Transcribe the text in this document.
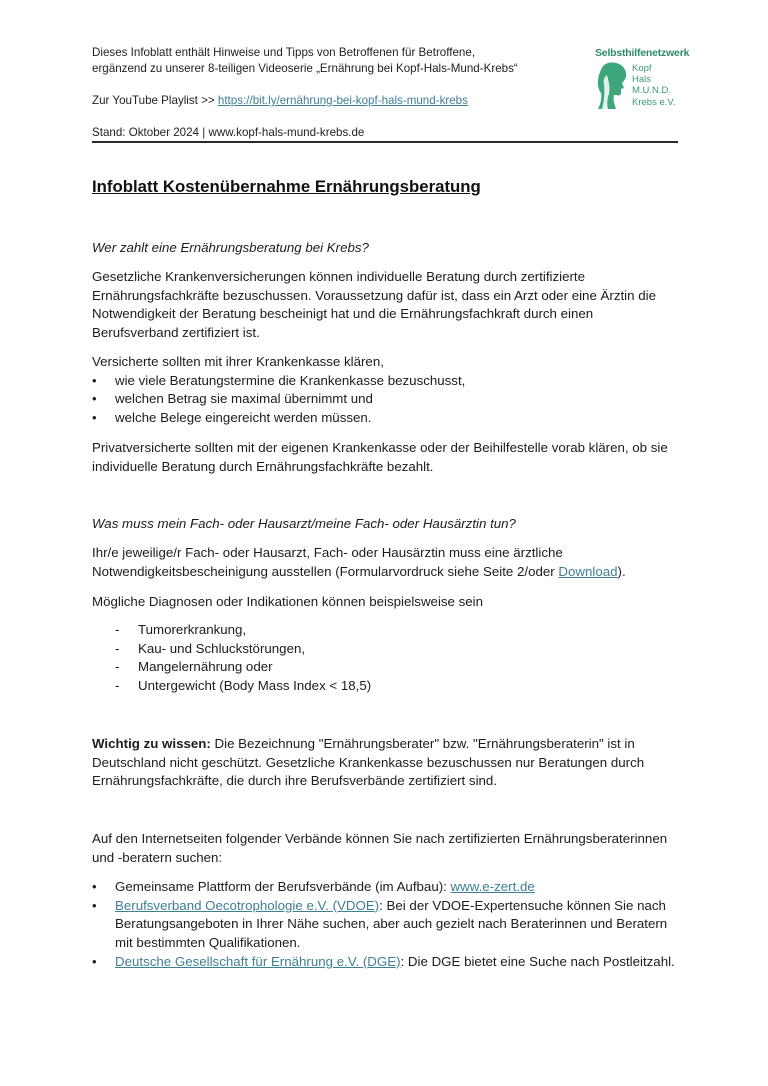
Dieses Infoblatt enthält Hinweise und Tipps von Betroffenen für Betroffene,
ergänzend zu unserer 8-teiligen Videoserie „Ernährung bei Kopf-Hals-Mund-Krebs“
Zur YouTube Playlist >> https://bit.ly/ernährung-bei-kopf-hals-mund-krebs
Stand: Oktober 2024 | www.kopf-hals-mund-krebs.de
Selbsthilfenetzwerk
Kopf
Hals
M.U.N.D.
Krebs e.V.
Infoblatt Kostenübernahme Ernährungsberatung
Wer zahlt eine Ernährungsberatung bei Krebs?

Gesetzliche Krankenversicherungen können individuelle Beratung durch zertifizierte Ernährungsfachkräfte bezuschussen. Voraussetzung dafür ist, dass ein Arzt oder eine Ärztin die Notwendigkeit der Beratung bescheinigt hat und die Ernährungsfachkraft durch einen Berufsverband zertifiziert ist.

Versicherte sollten mit ihrer Krankenkasse klären,
• wie viele Beratungstermine die Krankenkasse bezuschusst,
• welchen Betrag sie maximal übernimmt und
• welche Belege eingereicht werden müssen.

Privatversicherte sollten mit der eigenen Krankenkasse oder der Beihilfestelle vorab klären, ob sie individuelle Beratung durch Ernährungsfachkräfte bezahlt.

Was muss mein Fach- oder Hausarzt/meine Fach- oder Hausärztin tun?

Ihr/e jeweilige/r Fach- oder Hausarzt, Fach- oder Hausärztin muss eine ärztliche Notwendigkeitsbescheinigung ausstellen (Formularvordruck siehe Seite 2/oder Download).

Mögliche Diagnosen oder Indikationen können beispielsweise sein
- Tumorerkrankung,
- Kau- und Schluckstörungen,
- Mangelernährung oder
- Untergewicht (Body Mass Index < 18,5)

Wichtig zu wissen: Die Bezeichnung "Ernährungsberater" bzw. "Ernährungsberaterin" ist in Deutschland nicht geschützt. Gesetzliche Krankenkasse bezuschussen nur Beratungen durch Ernährungsfachkräfte, die durch ihre Berufsverbände zertifiziert sind.

Auf den Internetseiten folgender Verbände können Sie nach zertifizierten Ernährungsberaterinnen und -beratern suchen:

• Gemeinsame Plattform der Berufsverbände (im Aufbau): www.e-zert.de
• Berufsverband Oecotrophologie e.V. (VDOE): Bei der VDOE-Expertensuche können Sie nach Beratungsangeboten in Ihrer Nähe suchen, aber auch gezielt nach Beraterinnen und Beratern mit bestimmten Qualifikationen.
• Deutsche Gesellschaft für Ernährung e.V. (DGE): Die DGE bietet eine Suche nach Postleitzahl.
